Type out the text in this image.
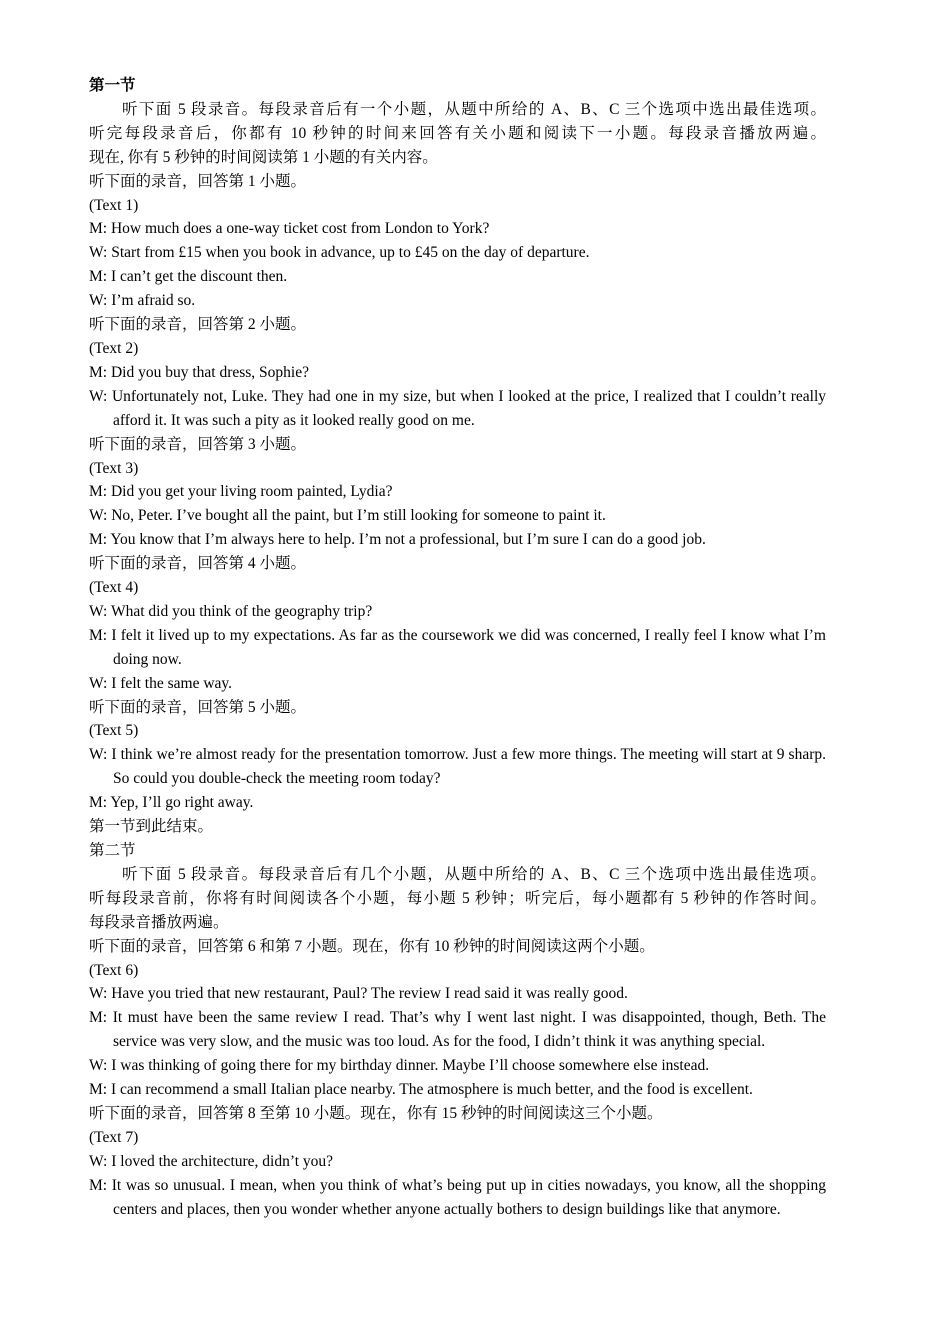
第一节
听下面 5 段录音。每段录音后有一个小题，从题中所给的 A、B、C 三个选项中选出最佳选项。
听完每段录音后，你都有 10 秒钟的时间来回答有关小题和阅读下一小题。每段录音播放两遍。
现在, 你有 5 秒钟的时间阅读第 1 小题的有关内容。
听下面的录音，回答第 1 小题。
(Text 1)
M: How much does a one-way ticket cost from London to York?
W: Start from £15 when you book in advance, up to £45 on the day of departure.
M: I can’t get the discount then.
W: I’m afraid so.
听下面的录音，回答第 2 小题。
(Text 2)
M: Did you buy that dress, Sophie?
W: Unfortunately not, Luke. They had one in my size, but when I looked at the price, I realized that I couldn’t really afford it. It was such a pity as it looked really good on me.
听下面的录音，回答第 3 小题。
(Text 3)
M: Did you get your living room painted, Lydia?
W: No, Peter. I’ve bought all the paint, but I’m still looking for someone to paint it.
M: You know that I’m always here to help. I’m not a professional, but I’m sure I can do a good job.
听下面的录音，回答第 4 小题。
(Text 4)
W: What did you think of the geography trip?
M: I felt it lived up to my expectations. As far as the coursework we did was concerned, I really feel I know what I’m doing now.
W: I felt the same way.
听下面的录音，回答第 5 小题。
(Text 5)
W: I think we’re almost ready for the presentation tomorrow. Just a few more things. The meeting will start at 9 sharp. So could you double-check the meeting room today?
M: Yep, I’ll go right away.
第一节到此结束。
第二节
听下面 5 段录音。每段录音后有几个小题，从题中所给的 A、B、C 三个选项中选出最佳选项。
听每段录音前，你将有时间阅读各个小题，每小题 5 秒钟；听完后，每小题都有 5 秒钟的作答时间。
每段录音播放两遍。
听下面的录音，回答第 6 和第 7 小题。现在，你有 10 秒钟的时间阅读这两个小题。
(Text 6)
W: Have you tried that new restaurant, Paul? The review I read said it was really good.
M: It must have been the same review I read. That’s why I went last night. I was disappointed, though, Beth. The service was very slow, and the music was too loud. As for the food, I didn’t think it was anything special.
W: I was thinking of going there for my birthday dinner. Maybe I’ll choose somewhere else instead.
M: I can recommend a small Italian place nearby. The atmosphere is much better, and the food is excellent.
听下面的录音，回答第 8 至第 10 小题。现在，你有 15 秒钟的时间阅读这三个小题。
(Text 7)
W: I loved the architecture, didn’t you?
M: It was so unusual. I mean, when you think of what’s being put up in cities nowadays, you know, all the shopping centers and places, then you wonder whether anyone actually bothers to design buildings like that anymore.
